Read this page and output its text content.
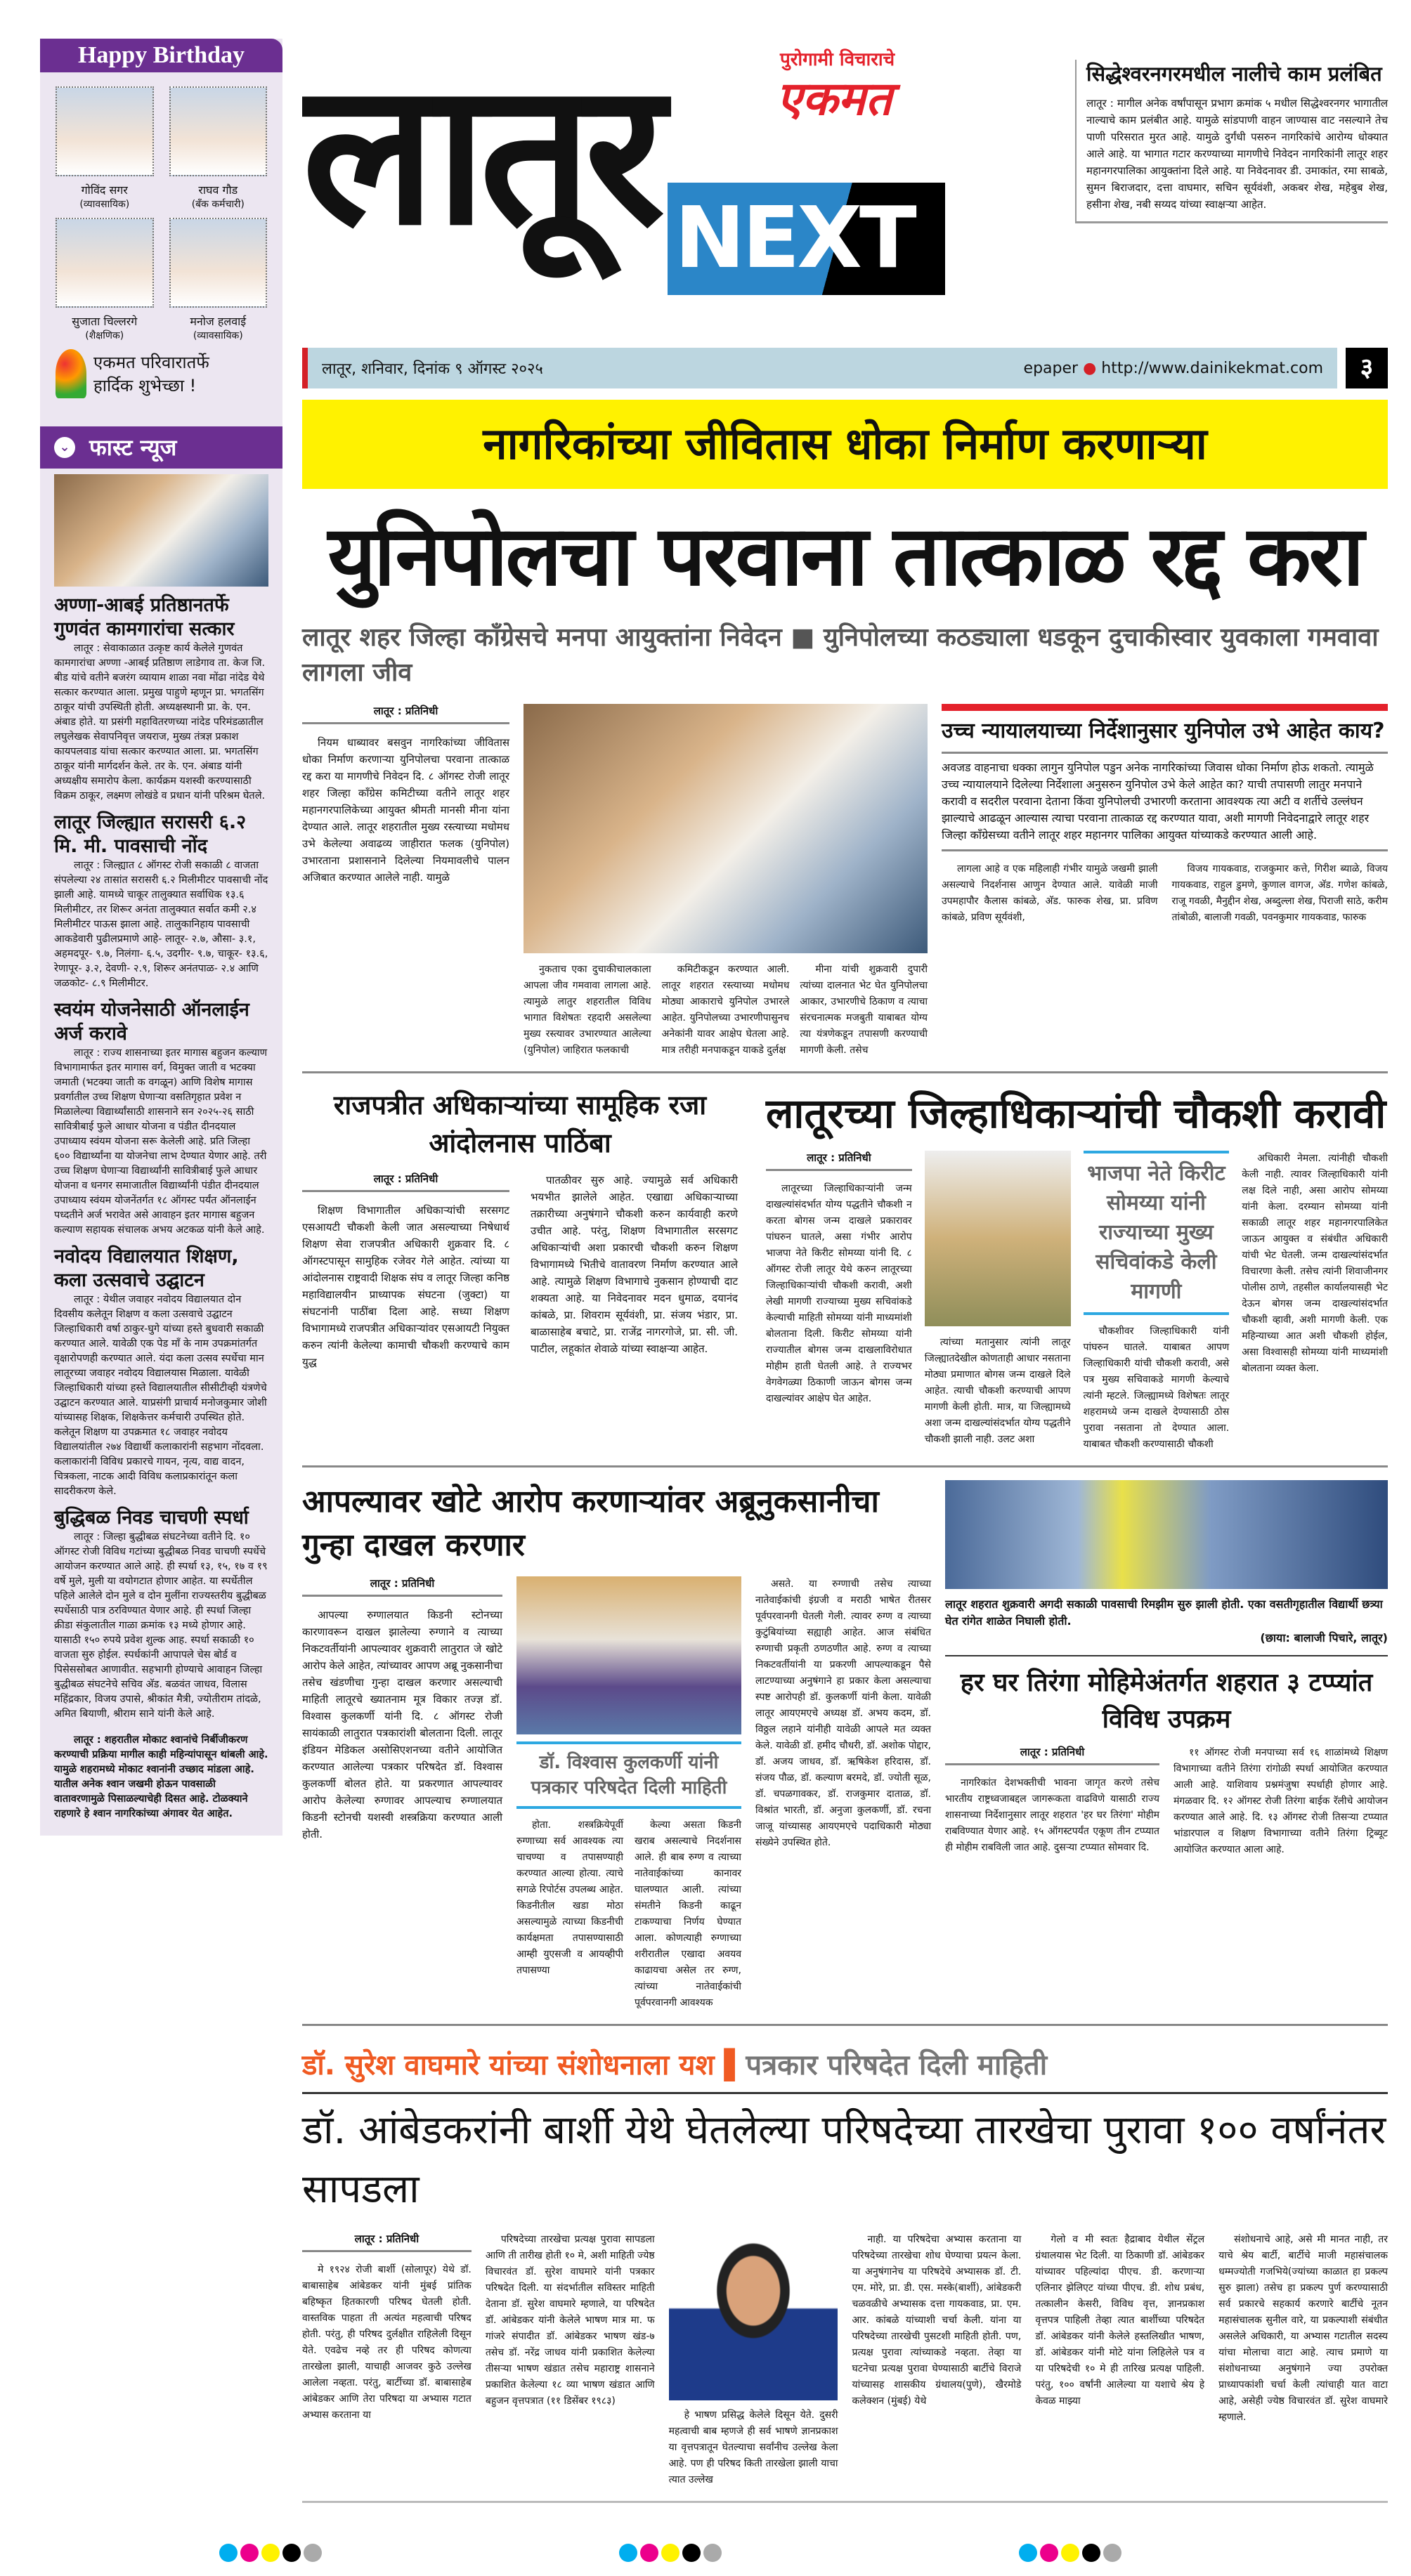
Happy Birthday
गोविंद सगर
(व्यावसायिक)
राघव गौड
(बँक कर्मचारी)
सुजाता चिल्लरगे
(शैक्षणिक)
मनोज हलवाई
(व्यावसायिक)
एकमत परिवारातर्फे
हार्दिक शुभेच्छा !
⌄ फास्ट न्यूज
अण्णा-आबई प्रतिष्ठानतर्फे गुणवंत कामगारांचा सत्कार
लातूर : सेवाकाळात उत्कृष्ट कार्य केलेले गुणवंत कामगारांचा अण्णा -आबई प्रतिष्ठाण लाडेगाव ता. केज जि. बीड यांचे वतीने बजरंग व्यायाम शाळा नवा मोंढा नांदेड येथे सत्कार करण्यात आला. प्रमुख पाहुणे म्हणून प्रा. भगतसिंग ठाकूर यांची उपस्थिती होती. अध्यक्षस्थानी प्रा. के. एन. अंबाड होते. या प्रसंगी महावितरणच्या नांदेड परिमंडळातील लघुलेखक सेवापनिवृत्त जयराज, मुख्य तंत्रज्ञ प्रकाश कायपलवाड यांचा सत्कार करण्यात आला. प्रा. भगतसिंग ठाकूर यांनी मार्गदर्शन केले. तर के. एन. अंबाड यांनी अध्यक्षीय समारोप केला. कार्यक्रम यशस्वी करण्यासाठी विक्रम ठाकूर, लक्ष्मण लोखंडे व प्रधान यांनी परिश्रम घेतले.
लातूर जिल्ह्यात सरासरी ६.२ मि. मी. पावसाची नोंद
लातूर : जिल्ह्यात ८ ऑगस्ट रोजी सकाळी ८ वाजता संपलेल्या २४ तासांत सरासरी ६.२ मिलीमीटर पावसाची नोंद झाली आहे. यामध्ये चाकूर तालुक्यात सर्वाधिक १३.६ मिलीमीटर, तर शिरूर अनंता तालुक्यात सर्वात कमी २.४ मिलीमीटर पाऊस झाला आहे. तालुकानिहाय पावसाची आकडेवारी पुढीलप्रमाणे आहे- लातूर- २.७, औसा- ३.१, अहमदपूर- ९.७, निलंगा- ६.५, उदगीर- ९.७, चाकूर- १३.६, रेणापूर- ३.२, देवणी- २.९, शिरूर अनंतपाळ- २.४ आणि जळकोट- ८.९ मिलीमीटर.
स्वयंम योजनेसाठी ऑनलाईन अर्ज करावे
लातूर : राज्य शासनाच्या इतर मागास बहुजन कल्याण विभागामार्फत इतर मागास वर्ग, विमुक्त जाती व भटक्या जमाती (भटक्या जाती क वगळून) आणि विशेष मागास प्रवर्गातील उच्च शिक्षण घेणाऱ्या वसतिगृहात प्रवेश न मिळालेल्या विद्यार्थ्यांसाठी शासनाने सन २०२५-२६ साठी सावित्रीबाई फुले आधार योजना व पंडीत दीनदयाल उपाध्याय स्वंयम योजना सरू केलेली आहे. प्रति जिल्हा ६०० विद्यार्थ्यांना या योजनेचा लाभ देण्यात येणार आहे. तरी उच्च शिक्षण घेणाऱ्या विद्यार्थ्यांनी सावित्रीबाई फुले आधार योजना व धनगर समाजातील विद्यार्थ्यांनी पंडीत दीनदयाल उपाध्याय स्वंयम योजनेंतर्गत १८ ऑगस्ट पर्यंत ऑनलाईन पध्दतीने अर्ज भरावेत असे आवाहन इतर मागास बहुजन कल्याण सहायक संचालक अभय अटकळ यांनी केले आहे.
नवोदय विद्यालयात शिक्षण, कला उत्सवाचे उद्घाटन
लातूर : येथील जवाहर नवोदय विद्यालयात दोन दिवसीय कलेतून शिक्षण व कला उत्सवाचे उद्घाटन जिल्हाधिकारी वर्षा ठाकुर-घुगे यांच्या हस्ते बुधवारी सकाळी करण्यात आले. यावेळी एक पेड माँ के नाम उपक्रमांतर्गत वृक्षारोपणही करण्यात आले. यंदा कला उत्सव स्पर्धेचा मान लातूरच्या जवाहर नवोदय विद्यालयास मिळाला. यावेळी जिल्हाधिकारी यांच्या हस्ते विद्यालयातील सीसीटीव्ही यंत्रणेचे उद्घाटन करण्यात आले. याप्रसंगी प्राचार्य मनोजकुमार जोशी यांच्यासह शिक्षक, शिक्षकेत्तर कर्मचारी उपस्थित होते. कलेतून शिक्षण या उपक्रमात १८ जवाहर नवोदय विद्यालयांतील २७४ विद्यार्थी कलाकारांनी सहभाग नोंदवला. कलाकारांनी विविध प्रकारचे गायन, नृत्य, वाद्य वादन, चित्रकला, नाटक आदी विविध कलाप्रकारांतून कला सादरीकरण केले.
बुद्धिबळ निवड चाचणी स्पर्धा
लातूर : जिल्हा बुद्धीबळ संघटनेच्या वतीने दि. १० ऑगस्ट रोजी विविध गटांच्या बुद्धीबळ निवड चाचणी स्पर्धेचे आयोजन करण्यात आले आहे. ही स्पर्धा १३, १५, १७ व १९ वर्षे मुले, मुली या वयोगटात होणार आहेत. या स्पर्धेतील पहिले आलेले दोन मुले व दोन मुलींना राज्यस्तरीय बुद्धीबळ स्पर्धेसाठी पात्र ठरविण्यात येणार आहे. ही स्पर्धा जिल्हा क्रीडा संकुलातील गाळा क्रमांक १३ मध्ये होणार आहे. यासाठी १५० रुपये प्रवेश शुल्क आह. स्पर्धा सकाळी १० वाजता सुरु होईल. स्पर्धकांनी आपापले चेस बोर्ड व पिसेससोबत आणावीत. सहभागी होण्याचे आवाहन जिल्हा बुद्धीबळ संघटनेचे सचिव अ‍ॅड. बळवंत जाधव, विलास महिंद्रकार, विजय उपासे, श्रीकांत मैत्री, ज्योतीराम तांदळे, अमित बियाणी, श्रीराम साने यांनी केले आहे.
लातूर : शहरातील मोकाट श्वानांचे निर्बीजीकरण करण्याची प्रक्रिया मागील काही महिन्यांपासून थांबली आहे. यामुळे शहरामध्ये मोकाट श्वानांनी उच्छाद मांडला आहे. यातील अनेक श्वान जखमी होऊन पावसाळी वातावरणामुळे पिसाळल्याचेही दिसत आहे. टोळक्याने राहणारे हे श्वान नागरिकांच्या अंगावर येत आहेत.
लातूर	पुरोगामी विचाराचे
एकमत
NEXT
सिद्धेश्वरनगरमधील नालीचे काम प्रलंबित

लातूर : मागील अनेक वर्षांपासून प्रभाग क्रमांक ५ मधील सिद्धेश्वरनगर भागातील नाल्याचे काम प्रलंबीत आहे. यामुळे सांडपाणी वाहन जाण्यास वाट नसल्याने तेच पाणी परिसरात मुरत आहे. यामुळे दुर्गंधी पसरुन नागरिकांचे आरोग्य धोक्यात आले आहे. या भागात गटार करण्याच्या मागणीचे निवेदन नागरिकांनी लातूर शहर महानगरपालिका आयुक्तांना दिले आहे. या निवेदनावर डी. उमाकांत, रमा साबळे, सुमन बिराजदार, दत्ता वाघमार, सचिन सूर्यवंशी, अकबर शेख, महेबुब शेख, हसीना शेख, नबी सय्यद यांच्या स्वाक्षऱ्या आहेत.

लातूर, शनिवार, दिनांक ९ ऑगस्ट २०२५	epaper ● http://www.dainikekmat.com	३
नागरिकांच्या जीवितास धोका निर्माण करणाऱ्या
युनिपोलचा परवाना तात्काळ रद्द करा
लातूर शहर जिल्हा काँग्रेसचे मनपा आयुक्तांना निवेदन ■ युनिपोलच्या कठड्याला धडकून दुचाकीस्वार युवकाला गमवावा लागला जीव
लातूर : प्रतिनिधी
नियम धाब्यावर बसवुन नागरिकांच्या जीवितास धोका निर्माण करणाऱ्या युनिपोलचा परवाना तात्काळ रद्द करा या मागणीचे निवेदन दि. ८ ऑगस्ट रोजी लातूर शहर जिल्हा काँग्रेस कमिटीच्या वतीने लातूर शहर महानगरपालिकेच्या आयुक्त श्रीमती मानसी मीना यांना देण्यात आले. लातूर शहरातील मुख्य रस्त्याच्या मधोमध उभे केलेल्या अवाढव्य जाहीरात फलक (युनिपोल) उभारताना प्रशासनाने दिलेल्या नियमावलीचे पालन अजिबात करण्यात आलेले नाही. यामुळे
नुकताच एका दुचाकीचालकाला आपला जीव गमवावा लागला आहे. त्यामुळे लातुर शहरातील विविध भागात विशेषतः रहदारी असलेल्या मुख्य रस्त्यावर उभारण्यात आलेल्या (युनिपोल) जाहिरात फलकाची
कमिटीकडून करण्यात आली. लातूर शहरात रस्त्याच्या मधोमध मोठ्या आकाराचे युनिपोल उभारले आहेत. युनिपोलच्या उभारणीपासुनच अनेकांनी यावर आक्षेप घेतला आहे. मात्र तरीही मनपाकडून याकडे दुर्लक्ष
मीना यांची शुक्रवारी दुपारी त्यांच्या दालनात भेट घेत युनिपोलचा आकार, उभारणीचे ठिकाण व त्याचा संरचनात्मक मजबुती याबाबत योग्य त्या यंत्रणेकडून तपासणी करण्याची मागणी केली. तसेच
उच्च न्यायालयाच्या निर्देशानुसार युनिपोल उभे आहेत काय?
अवजड वाहनाचा धक्का लागुन युनिपोल पडुन अनेक नागरिकांच्या जिवास धोका निर्माण होऊ शकतो. त्यामुळे उच्च न्यायालयाने दिलेल्या निर्देशाला अनुसरुन युनिपोल उभे केले आहेत का? याची तपासणी लातुर मनपाने करावी व सदरील परवाना देताना किंवा युनिपोलची उभारणी करताना आवश्यक त्या अटी व शर्तीचे उल्लंघन झाल्याचे आढळून आल्यास त्याचा परवाना तात्काळ रद्द करण्यात यावा, अशी मागणी निवेदनाद्वारे लातूर शहर जिल्हा काँग्रेसच्या वतीने लातूर शहर महानगर पालिका आयुक्त यांच्याकडे करण्यात आली आहे.
लागला आहे व एक महिलाही गंभीर यामुळे जखमी झाली असल्याचे निदर्शनास आणुन देण्यात आले. यावेळी माजी उपमहापौर कैलास कांबळे, अ‍ॅड. फारुक शेख, प्रा. प्रविण कांबळे, प्रविण सूर्यवंशी,
विजय गायकवाड, राजकुमार कत्ते, गिरीश ब्याळे, विजय गायकवाड, राहुल डुमणे, कुणाल वागज, अ‍ॅड. गणेश कांबळे, राजू गवळी, मैनुद्दीन शेख, अब्दुल्ला शेख, पिराजी साठे, करीम तांबोळी, बालाजी गवळी, पवनकुमार गायकवाड, फारुक
राजपत्रीत अधिकाऱ्यांच्या सामूहिक रजा आंदोलनास पाठिंबा
लातूर : प्रतिनिधी
शिक्षण विभागातील अधिकाऱ्यांची सरसगट एसआयटी चौकशी केली जात असल्याच्या निषेधार्थ शिक्षण सेवा राजपत्रीत अधिकारी शुक्रवार दि. ८ ऑगस्टपासून सामुहिक रजेवर गेले आहेत. त्यांच्या या आंदोलनास राष्ट्रवादी शिक्षक संघ व लातूर जिल्हा कनिष्ठ महाविद्यालयीन प्राध्यापक संघटना (जुक्टा) या संघटनांनी पाठींबा दिला आहे. सध्या शिक्षण विभागामध्ये राजपत्रीत अधिकाऱ्यांवर एसआयटी नियुक्त करुन त्यांनी केलेल्या कामाची चौकशी करण्याचे काम युद्ध
पातळीवर सुरु आहे. ज्यामुळे सर्व अधिकारी भयभीत झालेले आहेत. एखाद्या अधिकाऱ्याच्या तक्रारीच्या अनुषंगाने चौकशी करुन कार्यवाही करणे उचीत आहे. परंतु, शिक्षण विभागातील सरसगट अधिकाऱ्यांची अशा प्रकारची चौकशी करुन शिक्षण विभागामध्ये भितीचे वातावरण निर्माण करण्यात आले आहे. त्यामुळे शिक्षण विभागाचे नुकसान होण्याची दाट शक्यता आहे. या निवेदनावर मदन धुमाळ, दयानंद कांबळे, प्रा. शिवराम सूर्यवंशी, प्रा. संजय भंडार, प्रा. बाळासाहेब बचाटे, प्रा. राजेंद्र नागरगोजे, प्रा. सी. जी. पाटील, लहूकांत शेवाळे यांच्या स्वाक्षऱ्या आहेत.
लातूरच्या जिल्हाधिकाऱ्यांची चौकशी करावी
लातूर : प्रतिनिधी
लातूरच्या जिल्हाधिकाऱ्यांनी जन्म दाखल्यांसंदर्भात योग्य पद्धतीने चौकशी न करता बोगस जन्म दाखले प्रकारावर पांघरुन घातले, असा गंभीर आरोप भाजपा नेते किरीट सोमय्या यांनी दि. ८ ऑगस्ट रोजी लातूर येथे करुन लातूरच्या जिल्हाधिकाऱ्यांची चौकशी करावी, अशी लेखी मागणी राज्याच्या मुख्य सचिवांकडे केल्याची माहिती सोमय्या यांनी माध्यमांशी बोलताना दिली. किरीट सोमय्या यांनी राज्यातील बोगस जन्म दाखलाविरोधात मोहीम हाती घेतली आहे. ते राज्यभर वेगवेगळ्या ठिकाणी जाऊन बोगस जन्म दाखल्यांवर आक्षेप घेत आहेत.
त्यांच्या मतानुसार त्यांनी लातूर जिल्ह्यातदेखील कोणताही आधार नसताना मोठ्या प्रमाणात बोगस जन्म दाखले दिले आहेत. त्याची चौकशी करण्याची आपण मागणी केली होती. मात्र, या जिल्ह्यामध्ये अशा जन्म दाखल्यांसंदर्भात योग्य पद्धतीने चौकशी झाली नाही. उलट अशा
भाजपा नेते किरीट सोमय्या यांनी राज्याच्या मुख्य सचिवांकडे केली मागणी
चौकशीवर जिल्हाधिकारी यांनी पांघरुन घातले. याबाबत आपण जिल्हाधिकारी यांची चौकशी करावी, असे पत्र मुख्य सचिवाकडे मागणी केल्याचे त्यांनी म्हटले. जिल्ह्यामध्ये विशेषतः लातूर शहरामध्ये जन्म दाखले देण्यासाठी ठोस पुरावा नसताना तो देण्यात आला. याबाबत चौकशी करण्यासाठी चौकशी
अधिकारी नेमला. त्यांनीही चौकशी केली नाही. त्यावर जिल्हाधिकारी यांनी लक्ष दिले नाही, असा आरोप सोमय्या यांनी केला. दरम्यान सोमय्या यांनी सकाळी लातूर शहर महानगरपालिकेत जाऊन आयुक्त व संबंधीत अधिकारी यांची भेट घेतली. जन्म दाखल्यांसंदर्भात विचारणा केली. तसेच त्यांनी शिवाजीनगर पोलीस ठाणे, तहसील कार्यालयासही भेट देऊन बोगस जन्म दाखल्यांसंदर्भात चौकशी व्हावी, अशी मागणी केली. एक महिन्याच्या आत अशी चौकशी होईल, असा विश्वासही सोमय्या यांनी माध्यमांशी बोलताना व्यक्त केला.
आपल्यावर खोटे आरोप करणाऱ्यांवर अब्रूनुकसानीचा गुन्हा दाखल करणार
लातूर : प्रतिनिधी
आपल्या रुग्णालयात किडनी स्टोनच्या कारणावरून दाखल झालेल्या रुग्णाने व त्याच्या निकटवर्तीयांनी आपल्यावर शुक्रवारी लातुरात जे खोटे आरोप केले आहेत, त्यांच्यावर आपण अब्रू नुकसानीचा तसेच खंडणीचा गुन्हा दाखल करणार असल्याची माहिती लातूरचे ख्यातनाम मूत्र विकार तज्ज्ञ डॉ. विश्वास कुलकर्णी यांनी दि. ८ ऑगस्ट रोजी सायंकाळी लातुरात पत्रकारांशी बोलताना दिली. लातूर इंडियन मेडिकल असोसिएशनच्या वतीने आयोजित करण्यात आलेल्या पत्रकार परिषदेत डॉ. विश्वास कुलकर्णी बोलत होते. या प्रकरणात आपल्यावर आरोप केलेल्या रुग्णावर आपल्याच रुग्णालयात किडनी स्टोनची यशस्वी शस्त्रक्रिया करण्यात आली होती.
डॉ. विश्वास कुलकर्णी यांनी पत्रकार परिषदेत दिली माहिती
होता. शस्त्रक्रियेपूर्वी रुग्णाच्या सर्व आवश्यक त्या चाचण्या व तपासण्याही करण्यात आल्या होत्या. त्याचे सगळे रिपोर्टस उपलब्ध आहेत. किडनीतील खडा मोठा असल्यामुळे त्याच्या किडनीची कार्यक्षमता तपासण्यासाठी आम्ही युएसजी व आयव्हीपी तपासण्या
केल्या असता किडनी खराब असल्याचे निदर्शनास आले. ही बाब रुग्ण व त्याच्या नातेवाईकांच्या कानावर घालण्यात आली. त्यांच्या संमतीने किडनी काढून टाकण्याचा निर्णय घेण्यात आला. कोणत्याही रुग्णाच्या शरीरातील एखादा अवयव काढायचा असेल तर रुग्ण, त्यांच्या नातेवाईकांची पूर्वपरवानगी आवश्यक
असते. या रुग्णाची तसेच त्याच्या नातेवाईकांची इंग्रजी व मराठी भाषेत रीतसर पूर्वपरवानगी घेतली गेली. त्यावर रुग्ण व त्याच्या कुटुंबियांच्या सह्याही आहेत. आज संबंधित रुग्णाची प्रकृती ठणठणीत आहे. रुग्ण व त्याच्या निकटवर्तीयांनी या प्रकरणी आपल्याकडून पैसे लाटण्याच्या अनुषंगाने हा प्रकार केला असल्याचा स्पष्ट आरोपही डॉ. कुलकर्णी यांनी केला. यावेळी लातूर आयएमएचे अध्यक्ष डॉ. अभय कदम, डॉ. विठ्ठल लहाने यांनीही यावेळी आपले मत व्यक्त केले. यावेळी डॉ. हमीद चौधरी, डॉ. अशोक पोद्दार, डॉ. अजय जाधव, डॉ. ऋषिकेश हरिदास, डॉ. संजय पौळ, डॉ. कल्याण बरमदे, डॉ. ज्योती सूळ, डॉ. चपळगावकर, डॉ. राजकुमार दाताळ, डॉ. विश्रांत भारती, डॉ. अनुजा कुलकर्णी, डॉ. रचना जाजू यांच्यासह आयएमएचे पदाधिकारी मोठ्या संख्येने उपस्थित होते.
लातूर शहरात शुक्रवारी अगदी सकाळी पावसाची रिमझीम सुरु झाली होती. एका वसतीगृहातील विद्यार्थी छत्र्या घेत रांगेत शाळेत निघाली होती.
(छाया: बालाजी पिचारे, लातूर)
हर घर तिरंगा मोहिमेअंतर्गत शहरात ३ टप्प्यांत विविध उपक्रम
लातूर : प्रतिनिधी
नागरिकांत देशभक्तीची भावना जागृत करणे तसेच भारतीय राष्ट्रध्वजाबद्दल जागरूकता वाढविणे यासाठी राज्य शासनाच्या निर्देशानुसार लातूर शहरात 'हर घर तिरंगा' मोहीम राबविण्यात येणार आहे. १५ ऑगस्टपर्यंत एकूण तीन टप्प्यात ही मोहीम राबविली जात आहे. दुसऱ्या टप्प्यात सोमवार दि.
११ ऑगस्ट रोजी मनपाच्या सर्व १६ शाळांमध्ये शिक्षण विभागाच्या वतीने तिरंगा रांगोळी स्पर्धा आयोजित करण्यात आली आहे. याशिवाय प्रश्नमंजुषा स्पर्धाही होणार आहे. मंगळवार दि. १२ ऑगस्ट रोजी तिरंगा बाईक रॅलीचे आयोजन करण्यात आले आहे. दि. १३ ऑगस्ट रोजी तिसऱ्या टप्प्यात भांडारपाल व शिक्षण विभागाच्या वतीने तिरंगा ट्रिब्यूट आयोजित करण्यात आला आहे.
डॉ. सुरेश वाघमारे यांच्या संशोधनाला यश ▌पत्रकार परिषदेत दिली माहिती
डॉ. आंबेडकरांनी बार्शी येथे घेतलेल्या परिषदेच्या तारखेचा पुरावा १०० वर्षांनंतर सापडला
लातूर : प्रतिनिधी
मे १९२४ रोजी बार्शी (सोलापूर) येथे डॉ. बाबासाहेब आंबेडकर यांनी मुंबई प्रांतिक बहिष्कृत हितकारणी परिषद घेतली होती. वास्तविक पाहता ती अत्यंत महत्वाची परिषद होती. परंतु, ही परिषद दुर्लक्षीत राहिलेली दिसून येते. एवढेच नव्हे तर ही परिषद कोणत्या तारखेला झाली, याचाही आजवर कुठे उल्लेख आलेला नव्हता. परंतु, बार्टीच्या डॉ. बाबासाहेब आंबेडकर आणि तेरा परिषदा या अभ्यास गटात अभ्यास करताना या
परिषदेच्या तारखेचा प्रत्यक्ष पुरावा सापडला आणि ती तारीख होती १० मे, अशी माहिती ज्येष्ठ विचारवंत डॉ. सुरेश वाघमारे यांनी पत्रकार परिषदेत दिली. या संदर्भातील सविस्तर माहिती देताना डॉ. सुरेश वाघमारे म्हणाले, या परिषदेत डॉ. आंबेडकर यांनी केलेले भाषण मात्र मा. फ गांजरे संपादीत डॉ. आंबेडकर भाषण खंड-७ तसेच डॉ. नरेंद्र जाधव यांनी प्रकाशित केलेल्या तीसऱ्या भाषण खंडात तसेच महाराष्ट्र शासनाने प्रकाशित केलेल्या १८ व्या भाषण खंडात आणि बहुजन वृत्तपत्रात (११ डिसेंबर १९८३)
हे भाषण प्रसिद्ध केलेले दिसून येते. दुसरी महत्वाची बाब म्हणजे ही सर्व भाषणे ज्ञानप्रकाश या वृत्तपत्रातून घेतल्याचा सर्वांनीच उल्लेख केला आहे. पण ही परिषद किती तारखेला झाली याचा त्यात उल्लेख
नाही. या परिषदेचा अभ्यास करताना या परिषदेच्या तारखेचा शोध घेण्याचा प्रयत्न केला. या अनुषंगानेच या परिषदेचे अभ्यासक डॉ. टी. एम. मोरे, प्रा. डी. एस. मस्के(बार्शी), आंबेडकरी चळवळीचे अभ्यासक दत्ता गायकवाड, प्रा. एम. आर. कांबळे यांच्याशी चर्चा केली. यांना या परिषदेच्या तारखेची पुसटशी माहिती होती. पण, प्रत्यक्ष पुरावा त्यांच्याकडे नव्हता. तेव्हा या घटनेचा प्रत्यक्ष पुरावा घेण्यासाठी बार्टीचे विराजे यांच्यासह शासकीय ग्रंथालय(पुणे), खैरमोडे कलेक्शन (मुंबई) येथे
गेलो व मी स्वतः हैद्राबाद येथील सेंट्रल ग्रंथालयास भेट दिली. या ठिकाणी डॉ. आंबेडकर यांच्यावर पहिल्यांदा पीएच. डी. करणाऱ्या एलिनार झेलिएट यांच्या पीएच. डी. शोध प्रबंध, तत्कालीन केसरी, विविध वृत्त, ज्ञानप्रकाश वृत्तपत्र पाहिली तेव्हा त्यात बार्शीच्या परिषदेत डॉ. आंबेडकर यांनी केलेले हस्तलिखीत भाषण, डॉ. आंबेडकर यांनी मोटे यांना लिहिलेले पत्र व या परिषदेची १० मे ही तारिख प्रत्यक्ष पाहिली. परंतु, १०० वर्षांनी आलेल्या या यशाचे श्रेय हे केवळ माझ्या
संशोधनाचे आहे, असे मी मानत नाही, तर याचे श्रेय बार्टी, बार्टीचे माजी महासंचालक धम्मज्योती गजभिये(ज्यांच्या काळात हा प्रकल्प सुरु झाला) तसेच हा प्रकल्प पुर्ण करण्यासाठी सर्व प्रकारचे सहकार्य करणारे बार्टीचे नूतन महासंचालक सुनील वारे, या प्रकल्पाशी संबंधीत असलेले अधिकारी, या अभ्यास गटातील सदस्य यांचा मोलाचा वाटा आहे. त्याच प्रमाणे या संशोधनाच्या अनुषंगाने ज्या उपरोक्त प्राध्यापकांशी चर्चा केली त्यांचाही यात वाटा आहे, असेही ज्येष्ठ विचारवंत डॉ. सुरेश वाघमारे म्हणाले.
